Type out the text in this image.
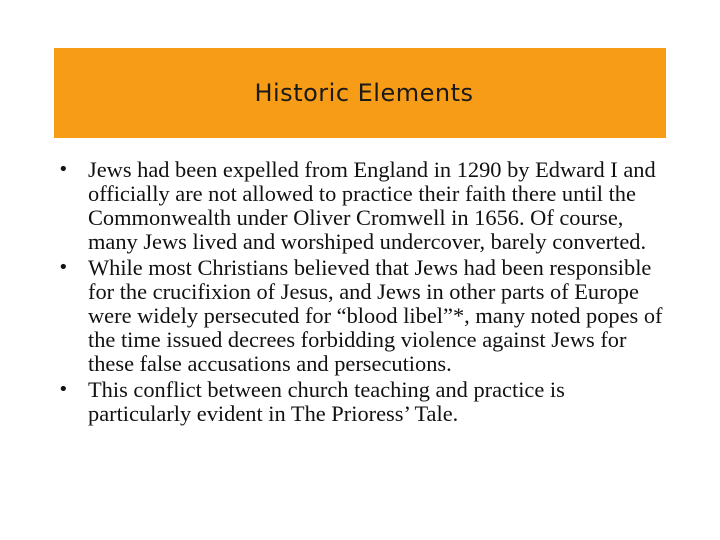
Historic Elements
• Jews had been expelled from England in 1290 by Edward I and officially are not allowed to practice their faith there until the Commonwealth under Oliver Cromwell in 1656. Of course, many Jews lived and worshiped undercover, barely converted.
• While most Christians believed that Jews had been responsible for the crucifixion of Jesus, and Jews in other parts of Europe were widely persecuted for “blood libel”*, many noted popes of the time issued decrees forbidding violence against Jews for these false accusations and persecutions.
• This conflict between church teaching and practice is particularly evident in The Prioress’ Tale.
